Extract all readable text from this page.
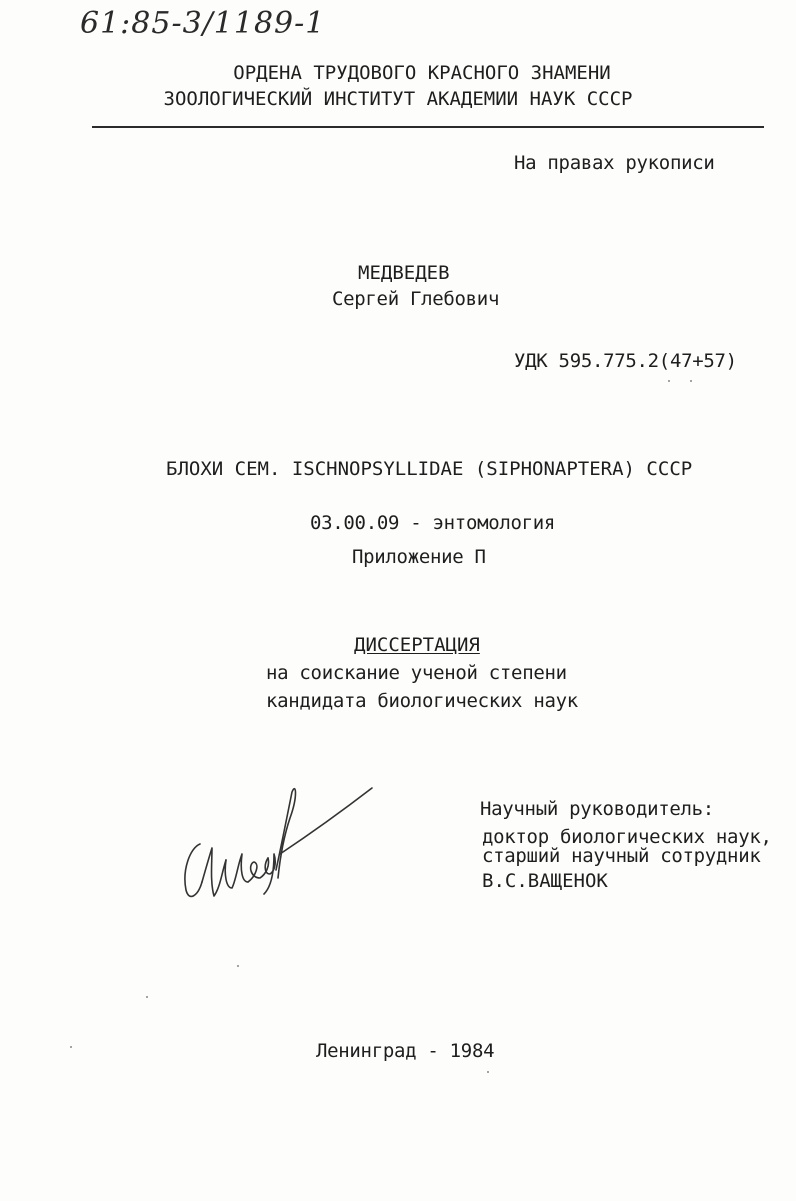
61:85-3/1189-1
ОРДЕНА ТРУДОВОГО КРАСНОГО ЗНАМЕНИ
ЗООЛОГИЧЕСКИЙ ИНСТИТУТ АКАДЕМИИ НАУК СССР
На правах рукописи
МЕДВЕДЕВ
Сергей Глебович
УДК 595.775.2(47+57)
БЛОХИ СЕМ. ISCHNOPSYLLIDAE (SIPHONAPTERA) СССР
03.00.09 - энтомология
Приложение П
ДИССЕРТАЦИЯ
на соискание ученой степени
кандидата биологических наук
Научный руководитель:
доктор биологических наук,
старший научный сотрудник
В.С.ВАЩЕНОК
Ленинград - 1984
